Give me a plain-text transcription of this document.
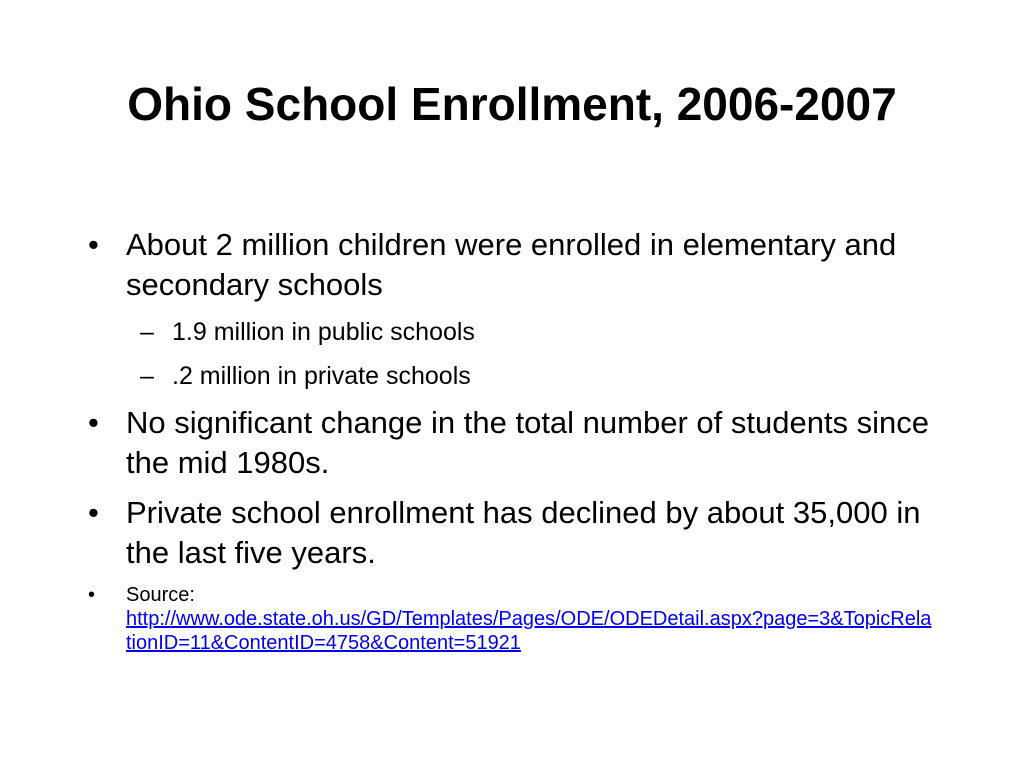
Ohio School Enrollment, 2006-2007
• About 2 million children were enrolled in elementary and secondary schools
– 1.9 million in public schools
– .2 million in private schools
• No significant change in the total number of students since the mid 1980s.
• Private school enrollment has declined by about 35,000 in the last five years.
•	Source:
http://www.ode.state.oh.us/GD/Templates/Pages/ODE/ODEDetail.aspx?page=3&TopicRelationID=11&ContentID=4758&Content=51921
